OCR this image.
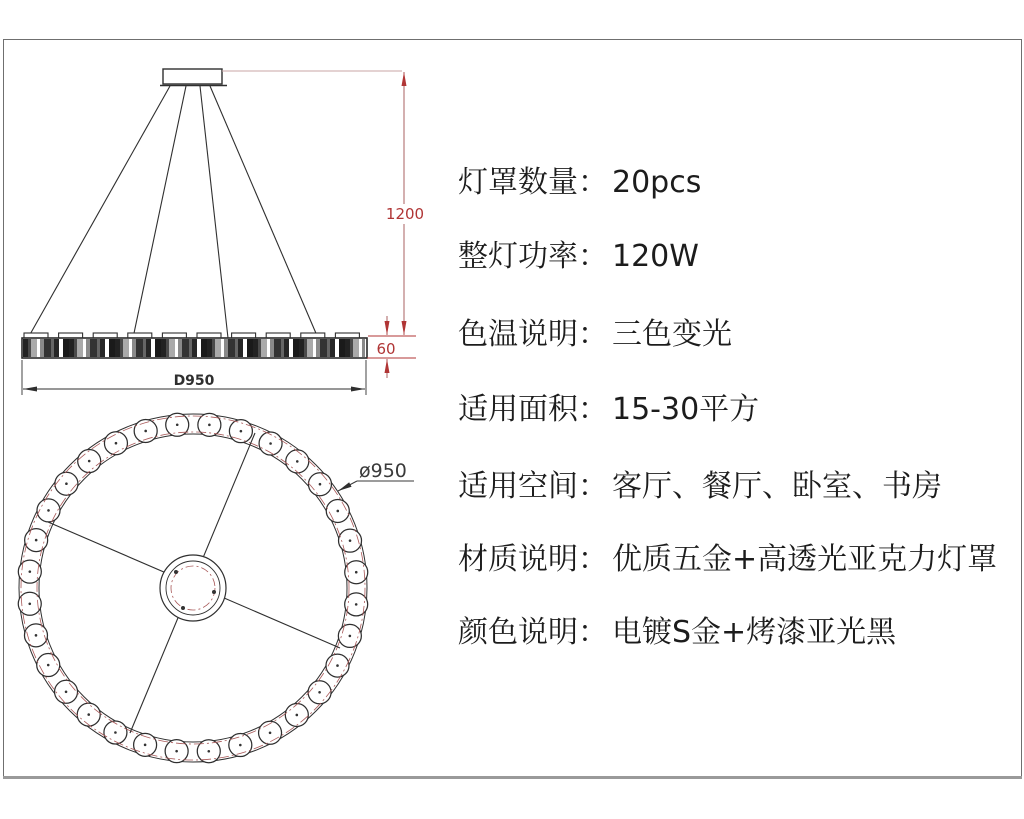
1200
60
D950
ø950
灯罩数量： 20pcs
整灯功率： 120W
色温说明： 三色变光
适用面积： 15-30平方
适用空间： 客厅、餐厅、卧室、书房
材质说明： 优质五金+高透光亚克力灯罩
颜色说明： 电镀S金+烤漆亚光黑
